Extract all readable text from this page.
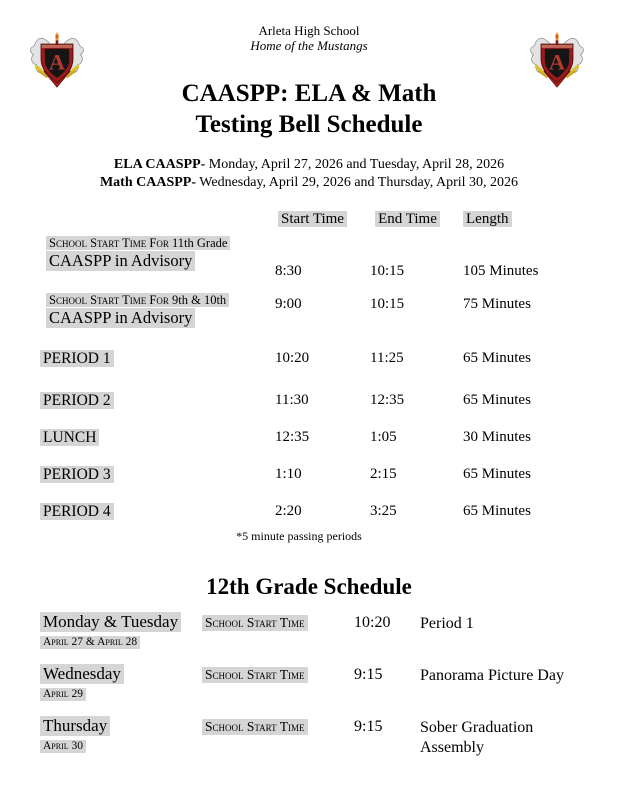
A	A
Arleta High School
Home of the Mustangs
CAASPP: ELA & Math
Testing Bell Schedule
ELA CAASPP- Monday, April 27, 2026 and Tuesday, April 28, 2026
Math CAASPP- Wednesday, April 29, 2026 and Thursday, April 30, 2026
Start Time	End Time	Length
School Start Time For 11th Grade
CAASPP in Advisory
8:30	10:15	105 Minutes
School Start Time For 9th & 10th
CAASPP in Advisory
9:00	10:15	75 Minutes
PERIOD 1	10:20	11:25	65 Minutes
PERIOD 2	11:30	12:35	65 Minutes
LUNCH	12:35	1:05	30 Minutes
PERIOD 3	1:10	2:15	65 Minutes
PERIOD 4	2:20	3:25	65 Minutes
*5 minute passing periods
12th Grade Schedule
Monday & Tuesday
April 27 & April 28
School Start Time	10:20	Period 1
Wednesday
April 29
School Start Time	9:15	Panorama Picture Day
Thursday
April 30
School Start Time	9:15	Sober Graduation Assembly
